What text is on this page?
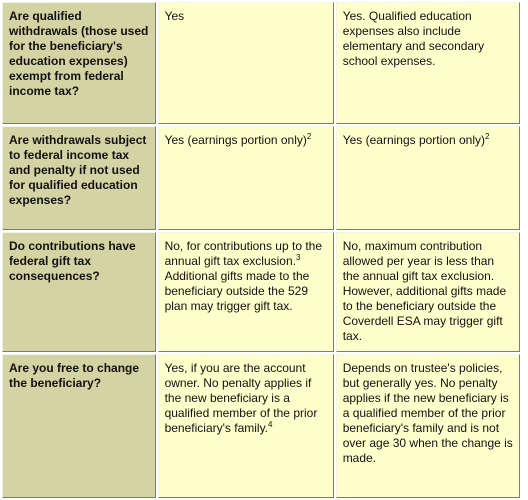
Are qualified withdrawals (those used for the beneficiary's education expenses) exempt from federal income tax?	Yes	Yes. Qualified education expenses also include elementary and secondary school expenses.
Are withdrawals subject to federal income tax and penalty if not used for qualified education expenses?	Yes (earnings portion only)$^2$	Yes (earnings portion only)$^2$
Do contributions have federal gift tax consequences?	No, for contributions up to the annual gift tax exclusion.$^3$ Additional gifts made to the beneficiary outside the 529 plan may trigger gift tax.	No, maximum contribution allowed per year is less than the annual gift tax exclusion. However, additional gifts made to the beneficiary outside the Coverdell ESA may trigger gift tax.
Are you free to change the beneficiary?	Yes, if you are the account owner. No penalty applies if the new beneficiary is a qualified member of the prior beneficiary's family.$^4$	Depends on trustee's policies, but generally yes. No penalty applies if the new beneficiary is a qualified member of the prior beneficiary's family and is not over age 30 when the change is made.
